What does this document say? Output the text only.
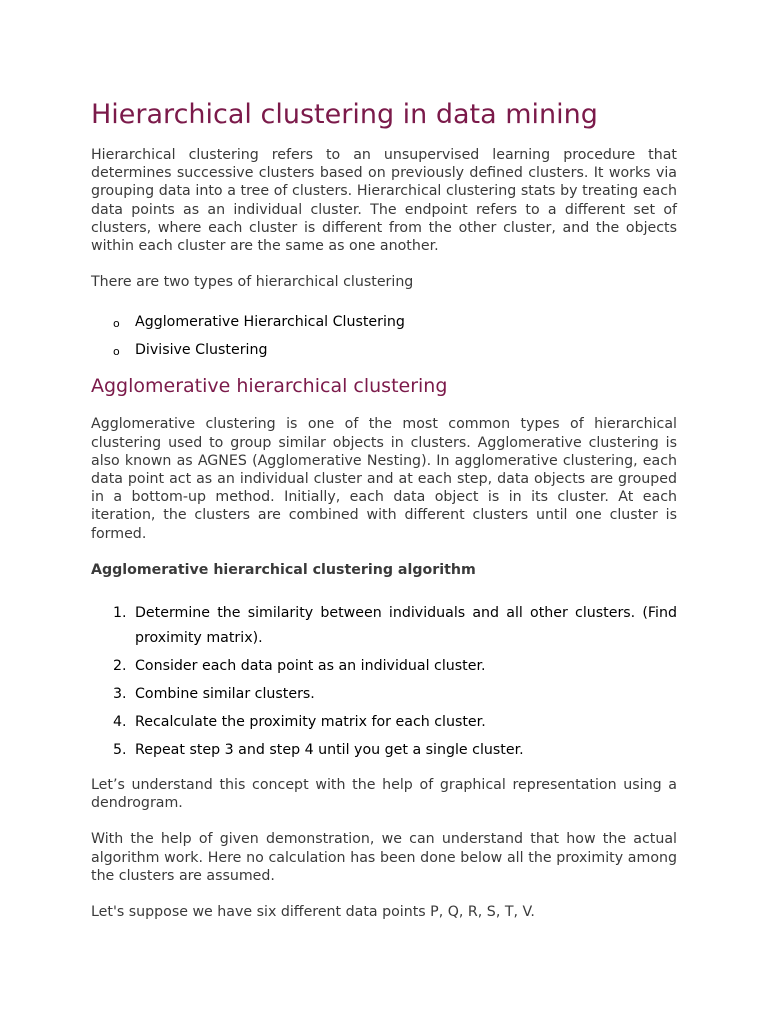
Hierarchical clustering in data mining

Hierarchical clustering refers to an unsupervised learning procedure that determines successive clusters based on previously defined clusters. It works via grouping data into a tree of clusters. Hierarchical clustering stats by treating each data points as an individual cluster. The endpoint refers to a different set of clusters, where each cluster is different from the other cluster, and the objects within each cluster are the same as one another.

There are two types of hierarchical clustering

o Agglomerative Hierarchical Clustering
o Divisive Clustering
Agglomerative hierarchical clustering

Agglomerative clustering is one of the most common types of hierarchical clustering used to group similar objects in clusters. Agglomerative clustering is also known as AGNES (Agglomerative Nesting). In agglomerative clustering, each data point act as an individual cluster and at each step, data objects are grouped in a bottom-up method. Initially, each data object is in its cluster. At each iteration, the clusters are combined with different clusters until one cluster is formed.

Agglomerative hierarchical clustering algorithm

1. Determine the similarity between individuals and all other clusters. (Find proximity matrix).
2. Consider each data point as an individual cluster.
3. Combine similar clusters.
4. Recalculate the proximity matrix for each cluster.
5. Repeat step 3 and step 4 until you get a single cluster.

Let’s understand this concept with the help of graphical representation using a dendrogram.

With the help of given demonstration, we can understand that how the actual algorithm work. Here no calculation has been done below all the proximity among the clusters are assumed.

Let's suppose we have six different data points P, Q, R, S, T, V.
